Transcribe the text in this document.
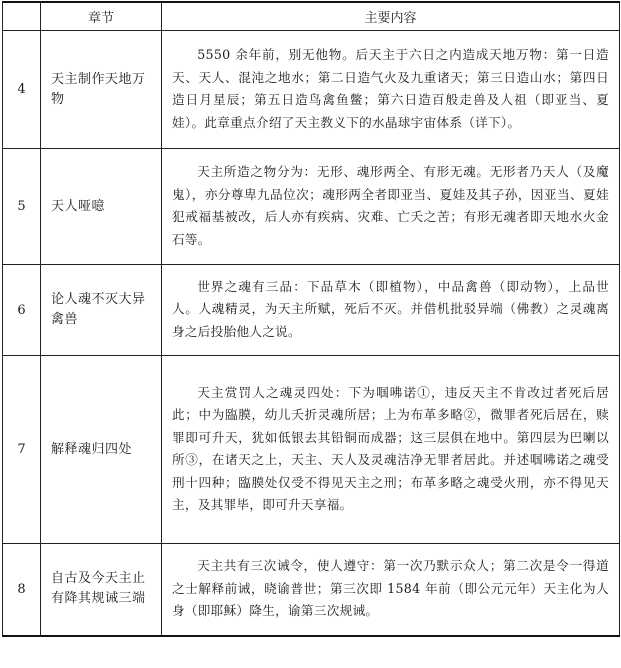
	章节	主要内容
4	天主制作天地万物	5550 余年前，别无他物。后天主于六日之内造成天地万物：第一日造天、天人、混沌之地水；第二日造气火及九重诸天；第三日造山水；第四日造日月星辰；第五日造鸟禽鱼鳖；第六日造百般走兽及人祖（即亚当、夏娃）。此章重点介绍了天主教义下的水晶球宇宙体系（详下）。
5	天人哑噫	天主所造之物分为：无形、魂形两全、有形无魂。无形者乃天人（及魔鬼），亦分尊卑九品位次；魂形两全者即亚当、夏娃及其子孙，因亚当、夏娃犯戒福基被改，后人亦有疾病、灾难、亡夭之苦；有形无魂者即天地水火金石等。
6	论人魂不灭大异禽兽	世界之魂有三品：下品草木（即植物），中品禽兽（即动物），上品世人。人魂精灵，为天主所赋，死后不灭。并借机批驳异端（佛教）之灵魂离身之后投胎他人之说。
7	解释魂归四处	天主赏罚人之魂灵四处：下为啯咈诺①，违反天主不肯改过者死后居此；中为臨膜，幼儿夭折灵魂所居；上为布革多略②，微罪者死后居在，赎罪即可升天，犹如低银去其铅铜而成器；这三层俱在地中。第四层为巴喇以所③，在诸天之上，天主、天人及灵魂洁净无罪者居此。并述啯咈诺之魂受刑十四种；臨膜处仅受不得见天主之刑；布革多略之魂受火刑，亦不得见天主，及其罪毕，即可升天享福。
8	自古及今天主止有降其规诫三端	天主共有三次诫令，使人遵守：第一次乃默示众人；第二次是令一得道之士解释前诫，晓谕普世；第三次即 1584 年前（即公元元年）天主化为人身（即耶稣）降生，谕第三次规诫。
